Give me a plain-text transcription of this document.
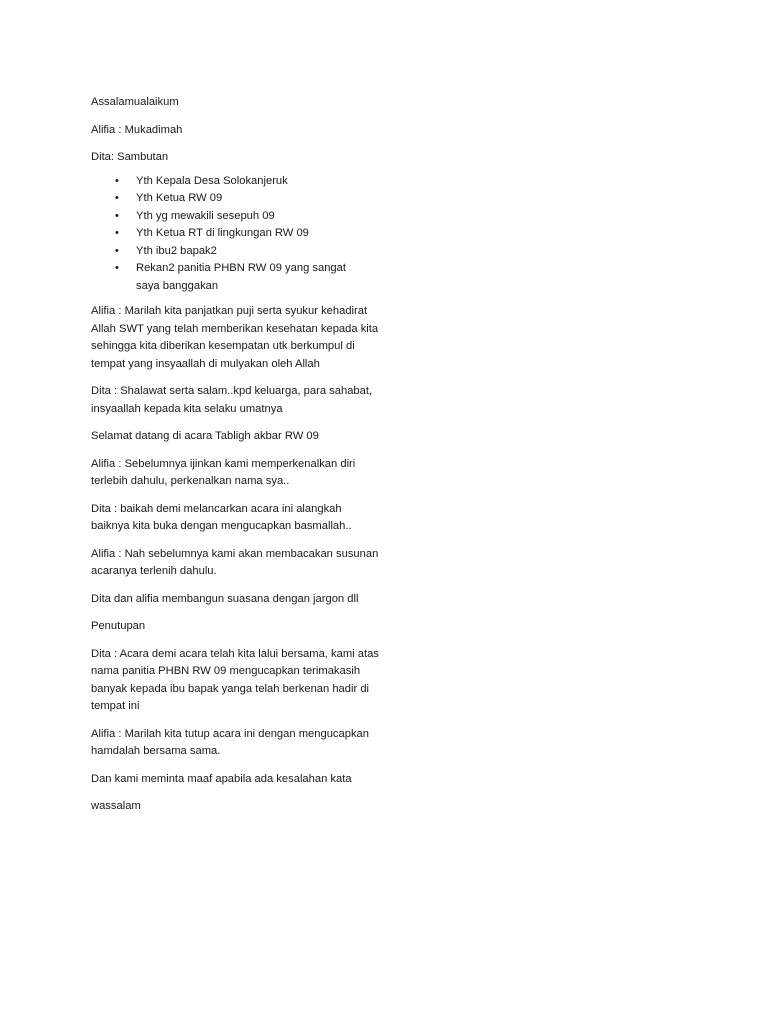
Assalamualaikum

Alifia : Mukadimah

Dita: Sambutan

• Yth Kepala Desa Solokanjeruk
• Yth Ketua RW 09
• Yth yg mewakili sesepuh 09
• Yth Ketua RT di lingkungan RW 09
• Yth ibu2 bapak2
• Rekan2 panitia PHBN RW 09 yang sangat saya banggakan

Alifia : Marilah kita panjatkan puji serta syukur kehadirat Allah SWT yang telah memberikan kesehatan kepada kita sehingga kita diberikan kesempatan utk berkumpul di tempat yang insyaallah di mulyakan oleh Allah

Dita : Shalawat serta salam..kpd keluarga, para sahabat, insyaallah kepada kita selaku umatnya

Selamat datang di acara Tabligh akbar RW 09

Alifia : Sebelumnya ijinkan kami memperkenalkan diri terlebih dahulu, perkenalkan nama sya..

Dita : baikah demi melancarkan acara ini alangkah baiknya kita buka dengan mengucapkan basmallah..

Alifia : Nah sebelumnya kami akan membacakan susunan acaranya terlenih dahulu.

Dita dan alifia membangun suasana dengan jargon dll

Penutupan

Dita : Acara demi acara telah kita lalui bersama, kami atas nama panitia PHBN RW 09 mengucapkan terimakasih banyak kepada ibu bapak yanga telah berkenan hadir di tempat ini

Alifia : Marilah kita tutup acara ini dengan mengucapkan hamdalah bersama sama.

Dan kami meminta maaf apabila ada kesalahan kata

wassalam
